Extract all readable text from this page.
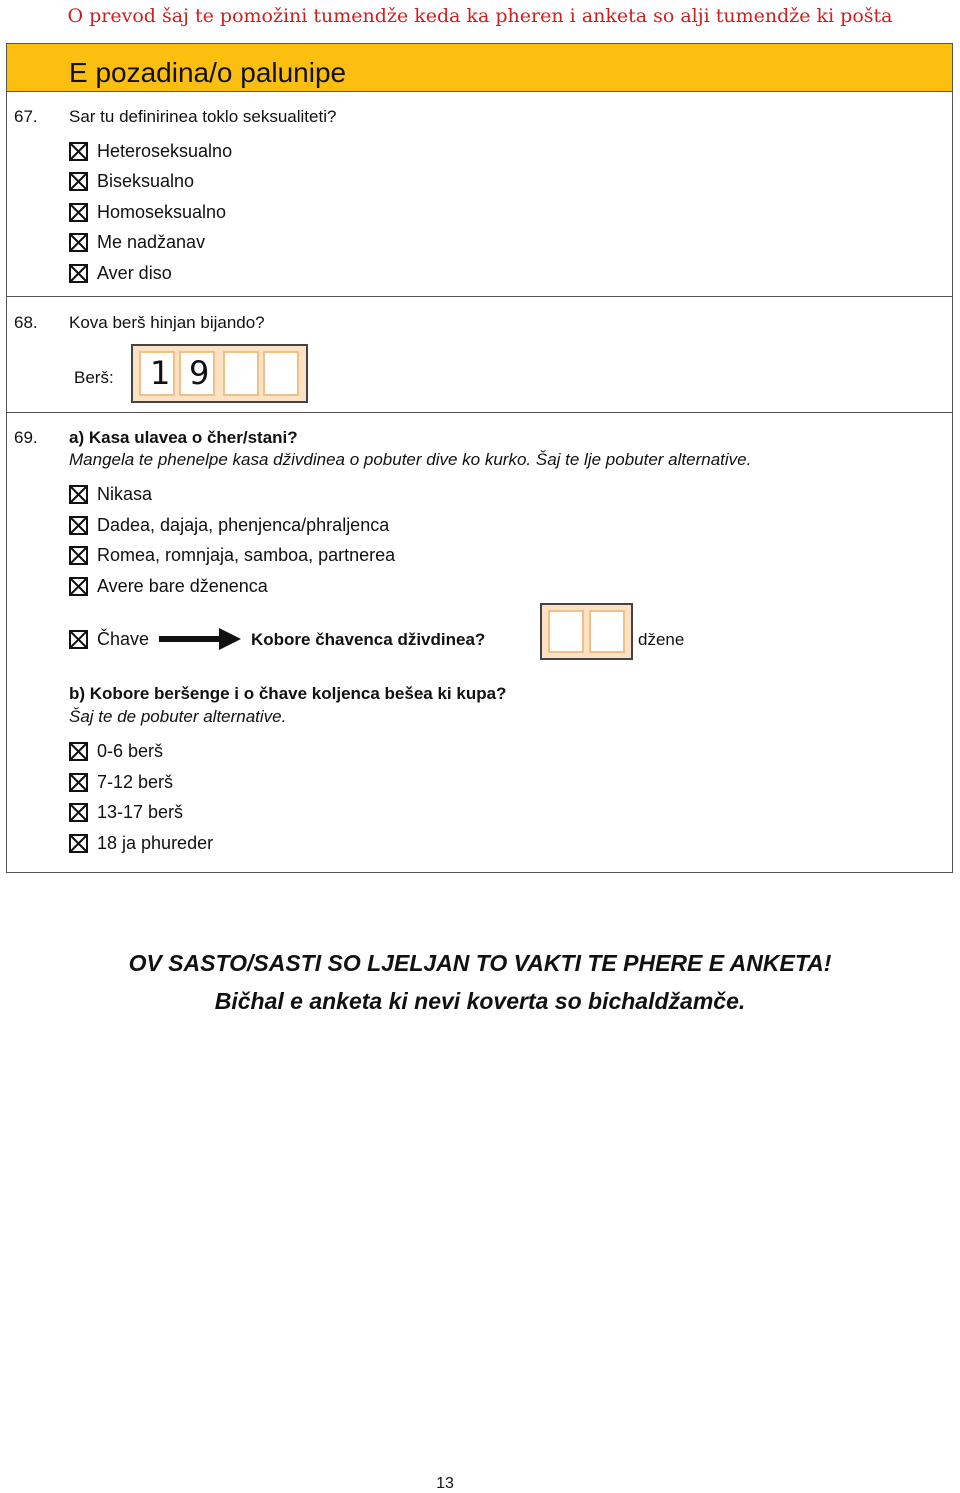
O prevod šaj te pomožini tumendže keda ka pheren i anketa so alji tumendže ki pošta
E pozadina/o palunipe
67. Sar tu definirinea toklo seksualiteti?
Heteroseksualno
Biseksualno
Homoseksualno
Me nadžanav
Aver diso
68. Kova berš hinjan bijando?
Berš: 1 9
69. a) Kasa ulavea o čher/stani?
Mangela te phenelpe kasa dživdinea o pobuter dive ko kurko. Šaj te lje pobuter alternative.
Nikasa
Dadea, dajaja, phenjenca/phraljenca
Romea, romnjaja, samboa, partnerea
Avere bare dženenca
Čhave	Kobore čhavenca dživdinea?	džene
b) Kobore beršenge i o čhave koljenca bešea ki kupa?
Šaj te de pobuter alternative.
0-6 berš
7-12 berš
13-17 berš
18 ja phureder
OV SASTO/SASTI SO LJELJAN TO VAKTI TE PHERE E ANKETA!
Bičhal e anketa ki nevi koverta so bichaldžamče.
13
